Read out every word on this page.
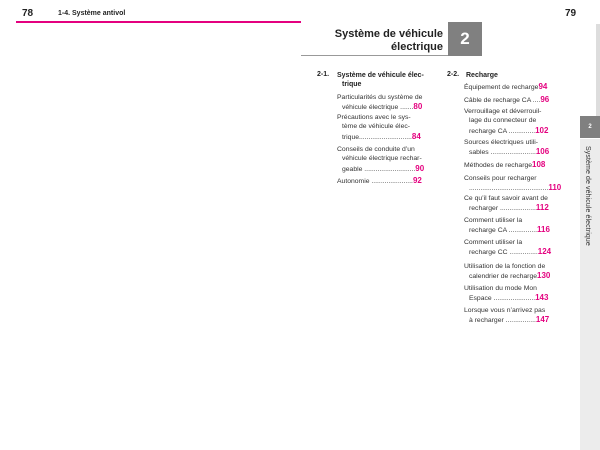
78	1-4. Système antivol	79
Système de véhicule
électrique	2
2
Système de véhicule électrique
2-1. Système de véhicule élec-
trique
Particularités du système de
véhicule électrique .......80
Précautions avec le sys-
tème de véhicule élec-
trique............................84
Conseils de conduite d’un
véhicule électrique rechar-
geable ...........................90
Autonomie ......................92
2-2. Recharge
Équipement de recharge94
Câble de recharge CA ....96
Verrouillage et déverrouil-
lage du connecteur de
recharge CA ..............102
Sources électriques utili-
sables ........................106
Méthodes de recharge108
Conseils pour recharger
..........................................110
Ce qu’il faut savoir avant de
recharger ...................112
Comment utiliser la
recharge CA ...............116
Comment utiliser la
recharge CC ...............124
Utilisation de la fonction de
calendrier de recharge130
Utilisation du mode Mon
Espace ......................143
Lorsque vous n’arrivez pas
à recharger ................147
